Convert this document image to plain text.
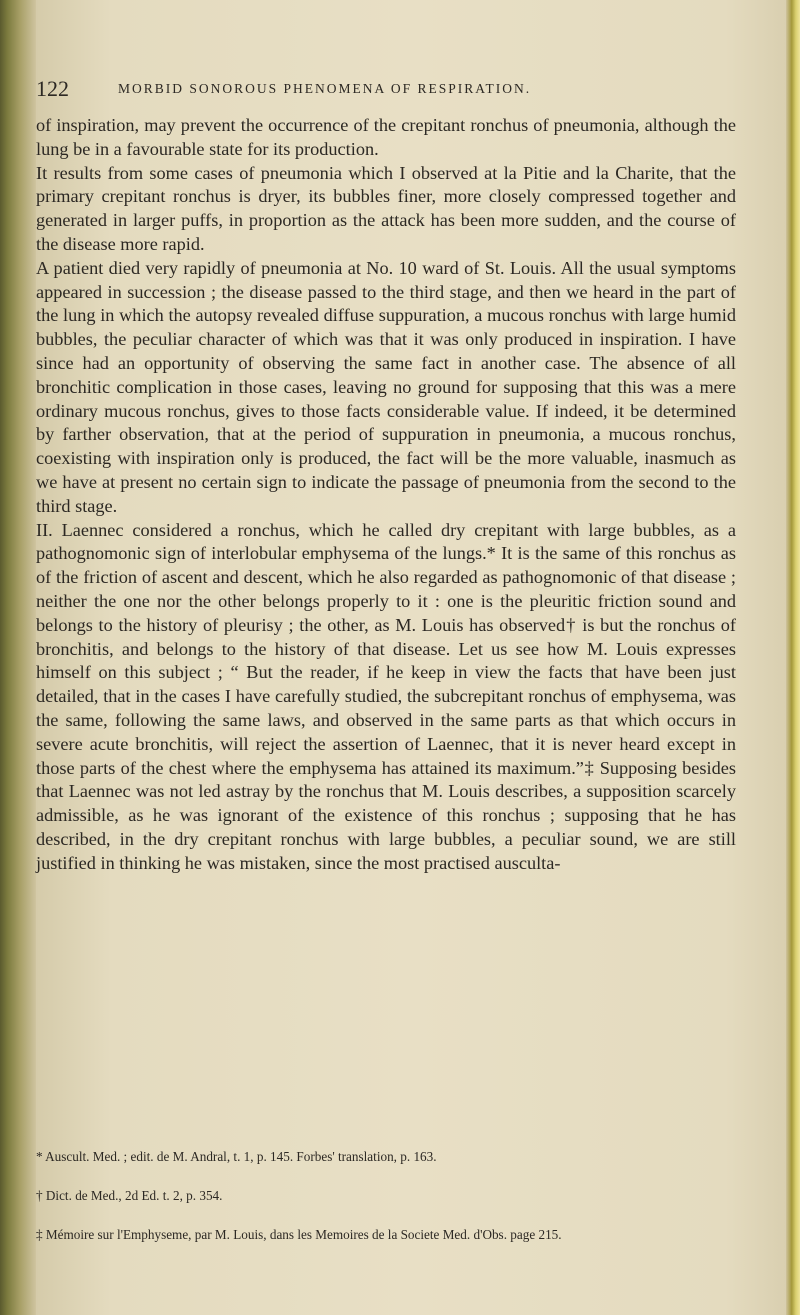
122	MORBID SONOROUS PHENOMENA OF RESPIRATION.
of inspiration, may prevent the occurrence of the crepitant ronchus of pneumonia, although the lung be in a favourable state for its production.
It results from some cases of pneumonia which I observed at la Pitie and la Charite, that the primary crepitant ronchus is dryer, its bubbles finer, more closely compressed together and generated in larger puffs, in proportion as the attack has been more sudden, and the course of the disease more rapid.
A patient died very rapidly of pneumonia at No. 10 ward of St. Louis. All the usual symptoms appeared in succession ; the disease passed to the third stage, and then we heard in the part of the lung in which the autopsy revealed diffuse suppuration, a mucous ronchus with large humid bubbles, the peculiar character of which was that it was only produced in inspiration. I have since had an opportunity of observing the same fact in another case. The absence of all bronchitic complication in those cases, leaving no ground for supposing that this was a mere ordinary mucous ronchus, gives to those facts considerable value. If indeed, it be determined by farther observation, that at the period of suppuration in pneumonia, a mucous ronchus, coexisting with inspiration only is produced, the fact will be the more valuable, inasmuch as we have at present no certain sign to indicate the passage of pneumonia from the second to the third stage.
II. Laennec considered a ronchus, which he called dry crepitant with large bubbles, as a pathognomonic sign of interlobular emphysema of the lungs.* It is the same of this ronchus as of the friction of ascent and descent, which he also regarded as pathognomonic of that disease ; neither the one nor the other belongs properly to it : one is the pleuritic friction sound and belongs to the history of pleurisy ; the other, as M. Louis has observed† is but the ronchus of bronchitis, and belongs to the history of that disease. Let us see how M. Louis expresses himself on this subject ; “ But the reader, if he keep in view the facts that have been just detailed, that in the cases I have carefully studied, the subcrepitant ronchus of emphysema, was the same, following the same laws, and observed in the same parts as that which occurs in severe acute bronchitis, will reject the assertion of Laennec, that it is never heard except in those parts of the chest where the emphysema has attained its maximum.”‡ Supposing besides that Laennec was not led astray by the ronchus that M. Louis describes, a supposition scarcely admissible, as he was ignorant of the existence of this ronchus ; supposing that he has described, in the dry crepitant ronchus with large bubbles, a peculiar sound, we are still justified in thinking he was mistaken, since the most practised ausculta-

* Auscult. Med. ; edit. de M. Andral, t. 1, p. 145. Forbes' translation, p. 163.

† Dict. de Med., 2d Ed. t. 2, p. 354.

‡ Mémoire sur l'Emphyseme, par M. Louis, dans les Memoires de la Societe Med. d'Obs. page 215.
